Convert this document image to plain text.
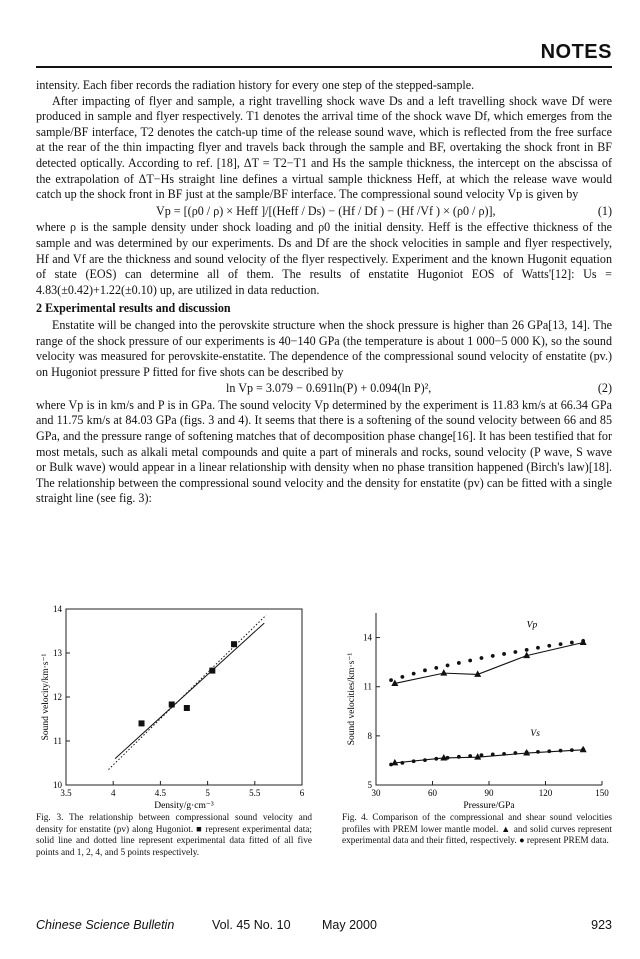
NOTES

intensity. Each fiber records the radiation history for every one step of the stepped-sample.

After impacting of flyer and sample, a right travelling shock wave Ds and a left travelling shock wave Df were produced in sample and flyer respectively. T1 denotes the arrival time of the shock wave Df, which emerges from the sample/BF interface, T2 denotes the catch-up time of the release sound wave, which is reflected from the free surface at the rear of the thin impacting flyer and travels back through the sample and BF, overtaking the shock front in BF detected optically. According to ref. [18], ΔT = T2−T1 and Hs the sample thickness, the intercept on the abscissa of the extrapolation of ΔT−Hs straight line defines a virtual sample thickness Heff, at which the release wave would catch up the shock front in BF just at the sample/BF interface. The compressional sound velocity Vp is given by

Vp = [(ρ0 / ρ) × Heff ]/[(Heff / Ds) − (Hf / Df ) − (Hf /Vf ) × (ρ0 / ρ)],	(1)

where ρ is the sample density under shock loading and ρ0 the initial density. Heff is the effective thickness of the sample and was determined by our experiments. Ds and Df are the shock velocities in sample and flyer respectively, Hf and Vf are the thickness and sound velocity of the flyer respectively. Experiment and the known Hugonit equation of state (EOS) can determine all of them. The results of enstatite Hugoniot EOS of Watts'[12]: Us = 4.83(±0.42)+1.22(±0.10) up, are utilized in data reduction.

2 Experimental results and discussion

Enstatite will be changed into the perovskite structure when the shock pressure is higher than 26 GPa[13, 14]. The range of the shock pressure of our experiments is 40−140 GPa (the temperature is about 1 000−5 000 K), so the sound velocity was measured for perovskite-enstatite. The dependence of the compressional sound velocity of enstatite (pv.) on Hugoniot pressure P fitted for five shots can be described by

ln Vp = 3.079 − 0.691ln(P) + 0.094(ln P)²,	(2)

where Vp is in km/s and P is in GPa. The sound velocity Vp determined by the experiment is 11.83 km/s at 66.34 GPa and 11.75 km/s at 84.03 GPa (figs. 3 and 4). It seems that there is a softening of the sound velocity between 66 and 85 GPa, and the pressure range of softening matches that of decomposition phase change[16]. It has been testified that for most metals, such as alkali metal compounds and quite a part of minerals and rocks, sound velocity (P wave, S wave or Bulk wave) would appear in a linear relationship with density when no phase transition happened (Birch's law)[18]. The relationship between the compressional sound velocity and the density for enstatite (pv) can be fitted with a single straight line (see fig. 3):

3.5	4	4.5	5	5.5	6
10
11
12
13
14
Density/g·cm⁻³
Sound velocity/km·s⁻¹
30	60	90	120	150
5
8
11
14
Vp
Vs
Pressure/GPa
Sound velocities/km·s⁻¹
Fig. 3. The relationship between compressional sound velocity and density for enstatite (pv) along Hugoniot. ■ represent experimental data; solid line and dotted line represent experimental data fitted of all five points and 1, 2, 4, and 5 points respectively.
Fig. 4. Comparison of the compressional and shear sound velocities profiles with PREM lower mantle model. ▲ and solid curves represent experimental data and their fitted, respectively. ● represent PREM data.
Chinese Science Bulletin	Vol. 45 No. 10	May 2000	923
